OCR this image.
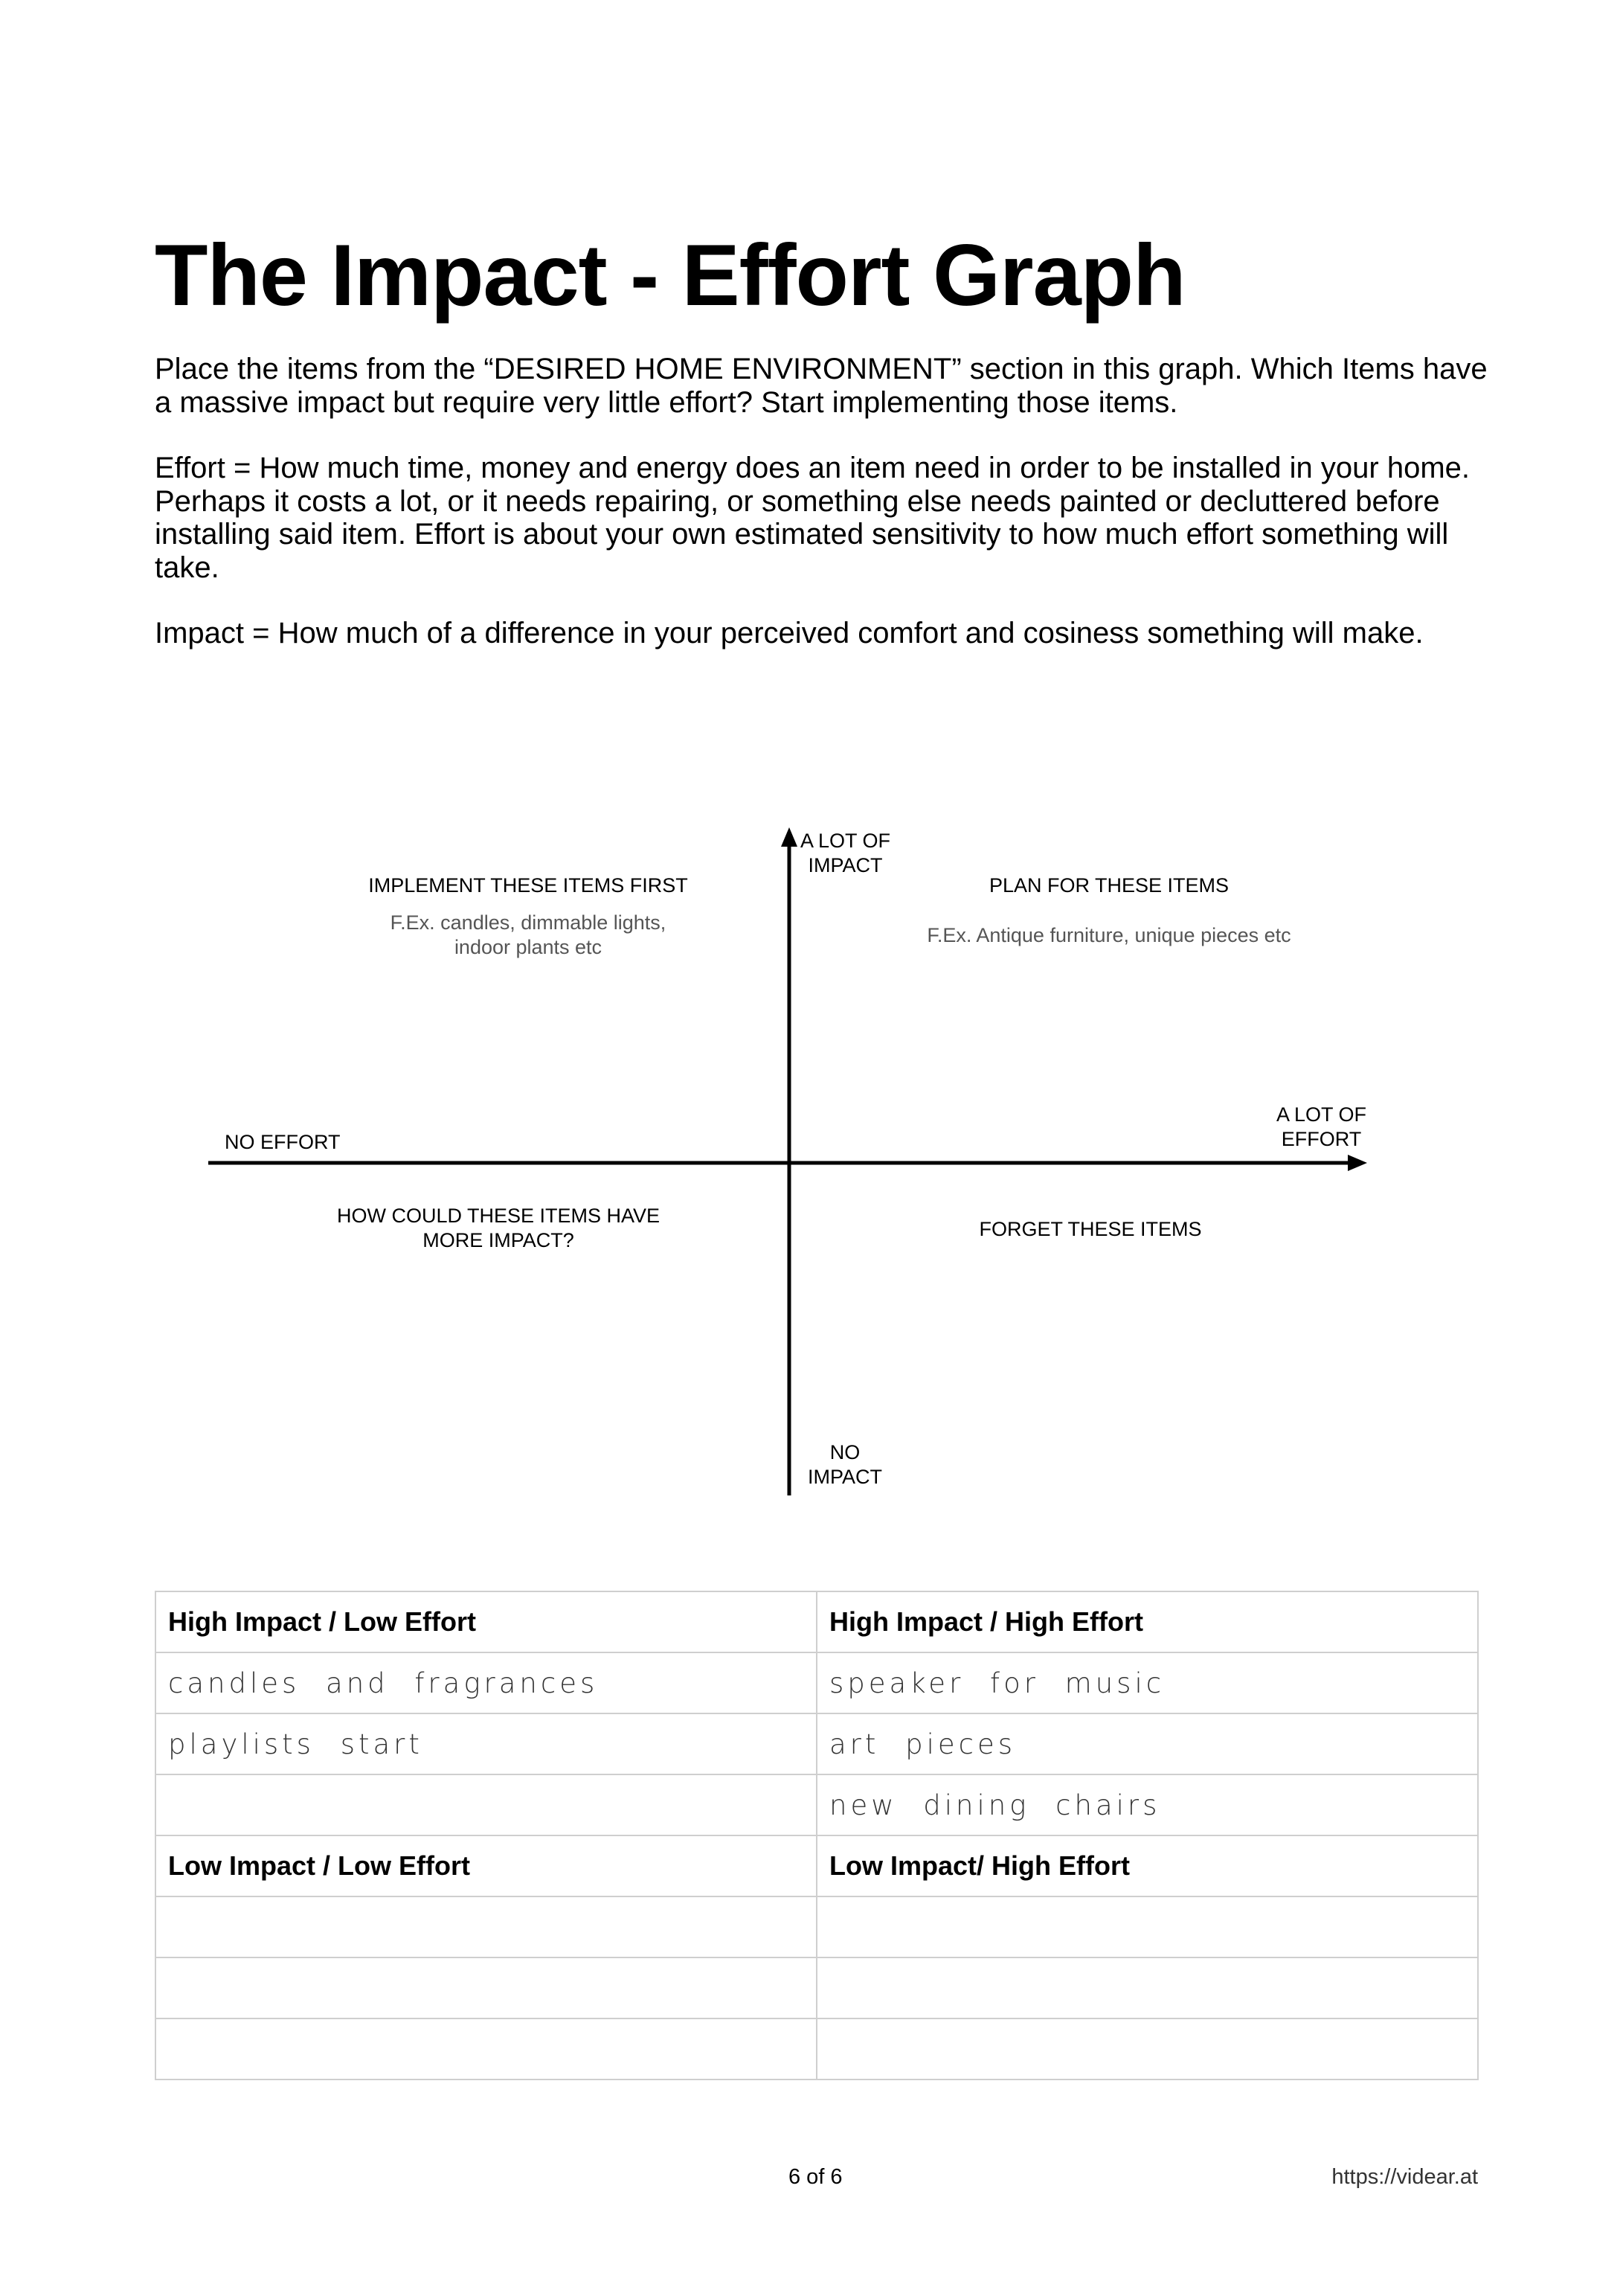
The Impact - Effort Graph

Place the items from the “DESIRED HOME ENVIRONMENT” section in this graph. Which Items have a massive impact but require very little effort? Start implementing those items.

Effort = How much time, money and energy does an item need in order to be installed in your home. Perhaps it costs a lot, or it needs repairing, or something else needs painted or decluttered before installing said item. Effort is about your own estimated sensitivity to how much effort something will take.

Impact = How much of a difference in your perceived comfort and cosiness something will make.

A LOT OF
IMPACT
NO
IMPACT
NO EFFORT
A LOT OF
EFFORT
IMPLEMENT THESE ITEMS FIRST
F.Ex. candles, dimmable lights,
indoor plants etc
PLAN FOR THESE ITEMS
F.Ex. Antique furniture, unique pieces etc
HOW COULD THESE ITEMS HAVE
MORE IMPACT?	FORGET THESE ITEMS
High Impact / Low Effort	High Impact / High Effort
candles and fragrances	speaker for music
playlists start	art pieces
	new dining chairs
Low Impact / Low Effort	Low Impact/ High Effort

6 of 6	https://videar.at
